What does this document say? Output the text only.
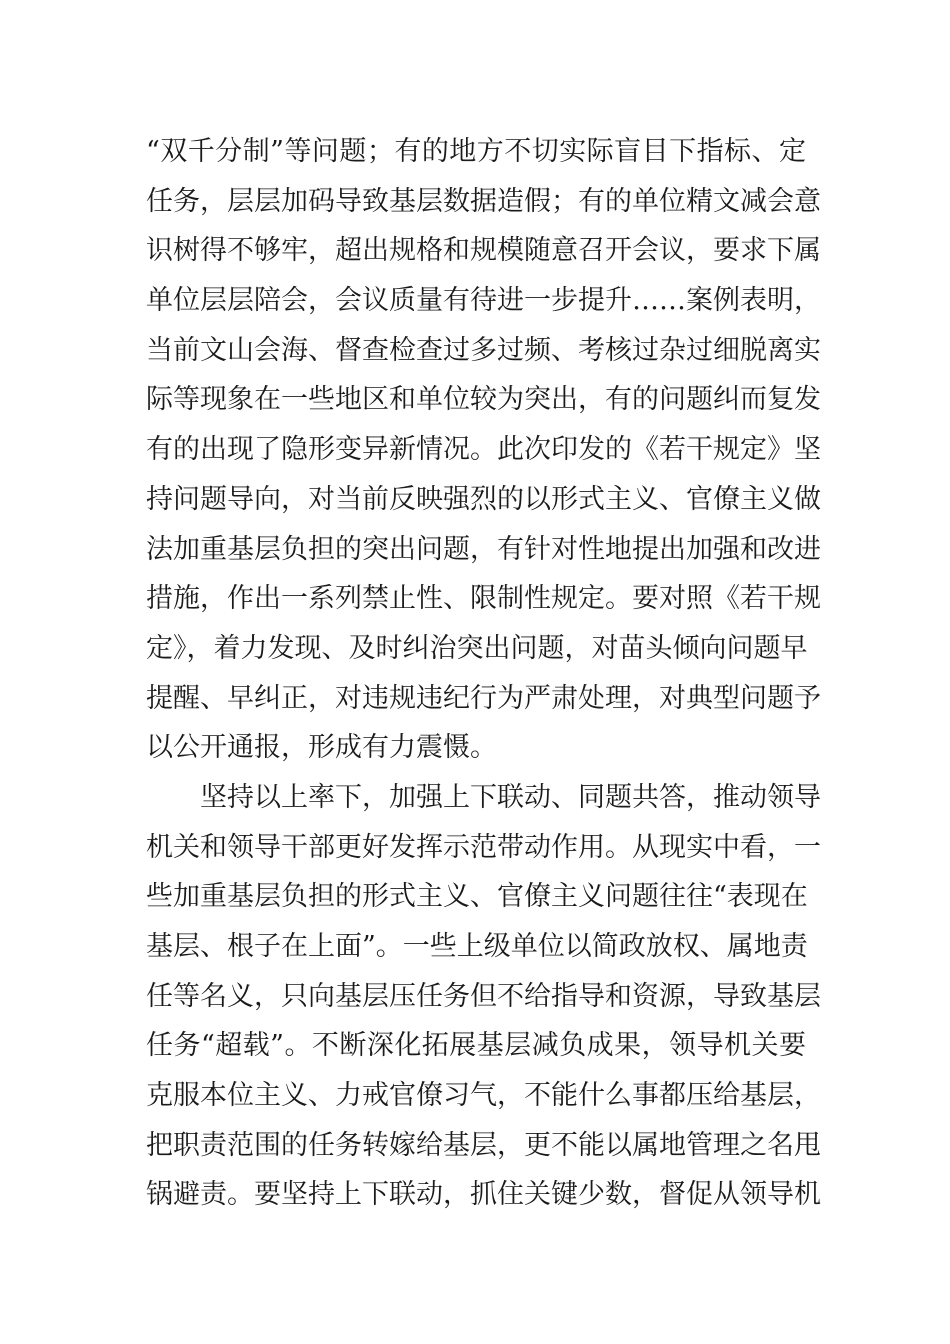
“双千分制”等问题；有的地方不切实际盲目下指标、定
任务，层层加码导致基层数据造假；有的单位精文减会意
识树得不够牢，超出规格和规模随意召开会议，要求下属
单位层层陪会，会议质量有待进一步提升……案例表明，
当前文山会海、督查检查过多过频、考核过杂过细脱离实
际等现象在一些地区和单位较为突出，有的问题纠而复发
有的出现了隐形变异新情况。此次印发的《若干规定》坚
持问题导向，对当前反映强烈的以形式主义、官僚主义做
法加重基层负担的突出问题，有针对性地提出加强和改进
措施，作出一系列禁止性、限制性规定。要对照《若干规
定》，着力发现、及时纠治突出问题，对苗头倾向问题早
提醒、早纠正，对违规违纪行为严肃处理，对典型问题予
以公开通报，形成有力震慑。
坚持以上率下，加强上下联动、同题共答，推动领导
机关和领导干部更好发挥示范带动作用。从现实中看，一
些加重基层负担的形式主义、官僚主义问题往往“表现在
基层、根子在上面”。一些上级单位以简政放权、属地责
任等名义，只向基层压任务但不给指导和资源，导致基层
任务“超载”。不断深化拓展基层减负成果，领导机关要
克服本位主义、力戒官僚习气，不能什么事都压给基层，
把职责范围的任务转嫁给基层，更不能以属地管理之名甩
锅避责。要坚持上下联动，抓住关键少数，督促从领导机
